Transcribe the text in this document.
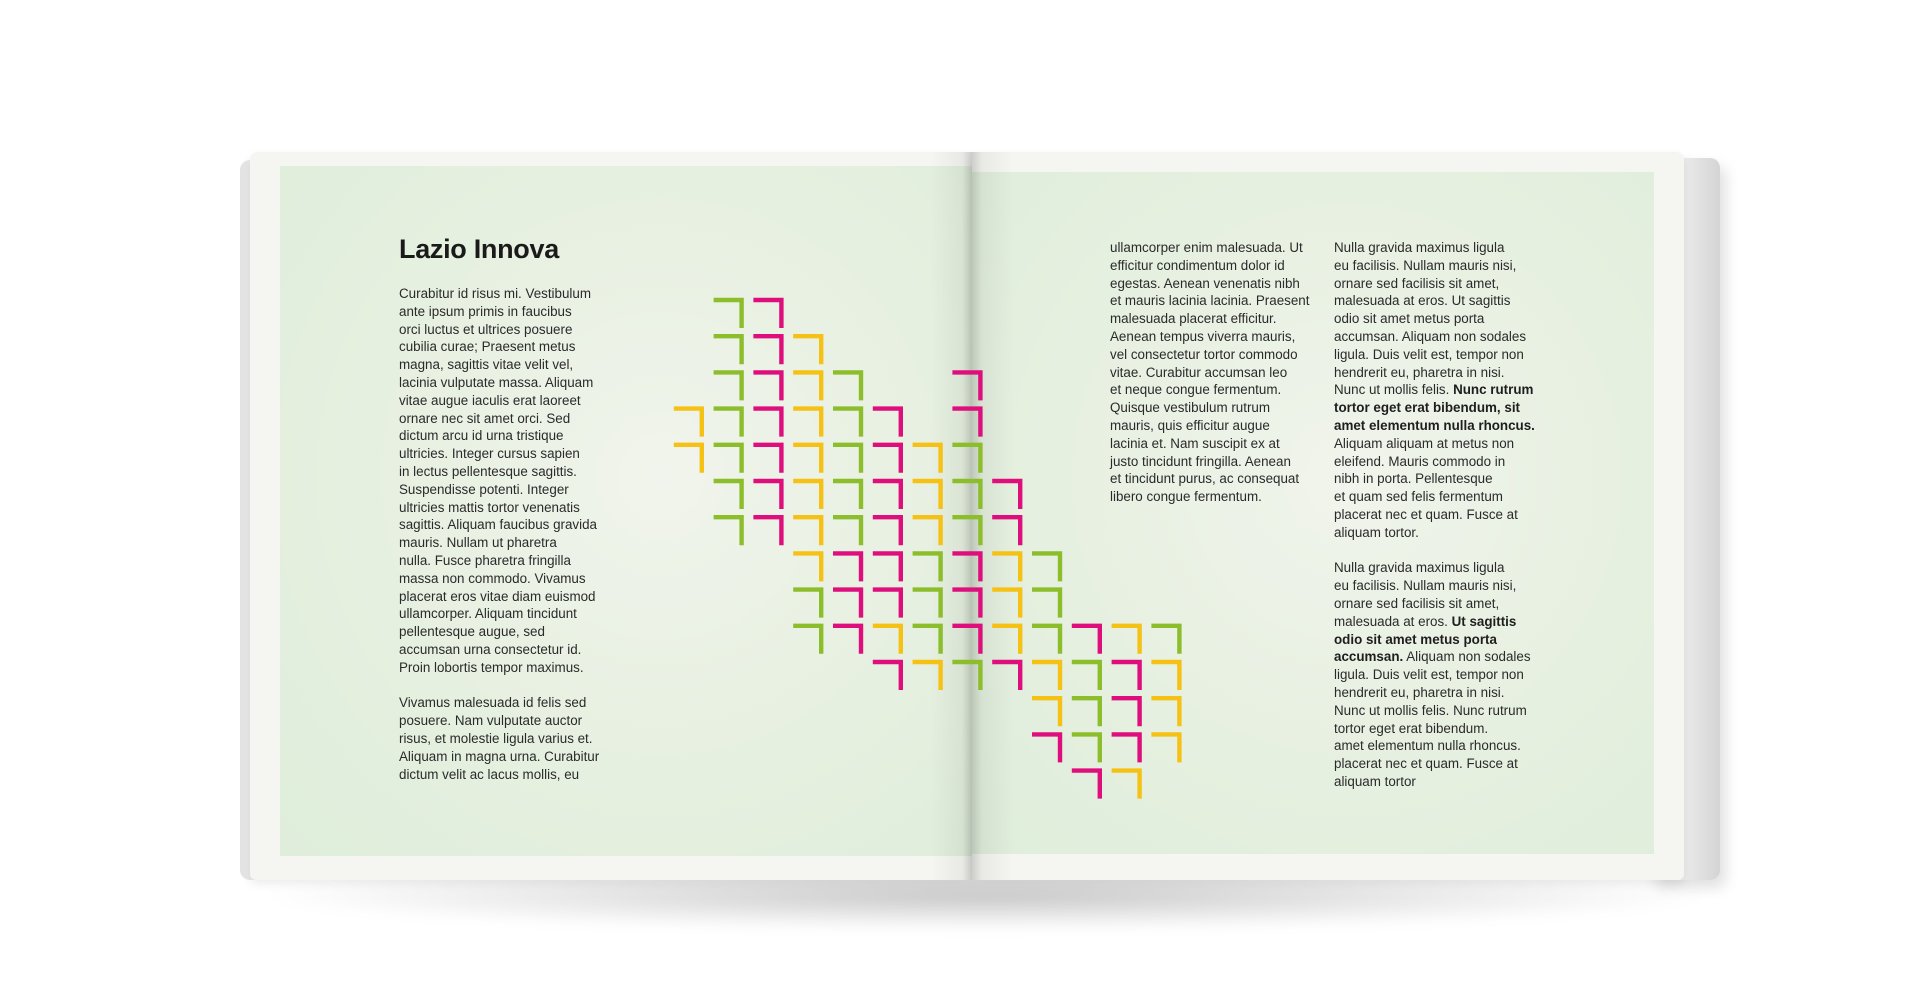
Lazio Innova

Curabitur id risus mi. Vestibulum
ante ipsum primis in faucibus
orci luctus et ultrices posuere
cubilia curae; Praesent metus
magna, sagittis vitae velit vel,
lacinia vulputate massa. Aliquam
vitae augue iaculis erat laoreet
ornare nec sit amet orci. Sed
dictum arcu id urna tristique
ultricies. Integer cursus sapien
in lectus pellentesque sagittis.
Suspendisse potenti. Integer
ultricies mattis tortor venenatis
sagittis. Aliquam faucibus gravida
mauris. Nullam ut pharetra
nulla. Fusce pharetra fringilla
massa non commodo. Vivamus
placerat eros vitae diam euismod
ullamcorper. Aliquam tincidunt
pellentesque augue, sed
accumsan urna consectetur id.
Proin lobortis tempor maximus.

Vivamus malesuada id felis sed
posuere. Nam vulputate auctor
risus, et molestie ligula varius et.
Aliquam in magna urna. Curabitur
dictum velit ac lacus mollis, eu

ullamcorper enim malesuada. Ut
efficitur condimentum dolor id
egestas. Aenean venenatis nibh
et mauris lacinia lacinia. Praesent
malesuada placerat efficitur.
Aenean tempus viverra mauris,
vel consectetur tortor commodo
vitae. Curabitur accumsan leo
et neque congue fermentum.
Quisque vestibulum rutrum
mauris, quis efficitur augue
lacinia et. Nam suscipit ex at
justo tincidunt fringilla. Aenean
et tincidunt purus, ac consequat
libero congue fermentum.

Nulla gravida maximus ligula
eu facilisis. Nullam mauris nisi,
ornare sed facilisis sit amet,
malesuada at eros. Ut sagittis
odio sit amet metus porta
accumsan. Aliquam non sodales
ligula. Duis velit est, tempor non
hendrerit eu, pharetra in nisi.
Nunc ut mollis felis. Nunc rutrum
tortor eget erat bibendum, sit
amet elementum nulla rhoncus.
Aliquam aliquam at metus non
eleifend. Mauris commodo in
nibh in porta. Pellentesque
et quam sed felis fermentum
placerat nec et quam. Fusce at
aliquam tortor.

Nulla gravida maximus ligula
eu facilisis. Nullam mauris nisi,
ornare sed facilisis sit amet,
malesuada at eros. Ut sagittis
odio sit amet metus porta
accumsan. Aliquam non sodales
ligula. Duis velit est, tempor non
hendrerit eu, pharetra in nisi.
Nunc ut mollis felis. Nunc rutrum
tortor eget erat bibendum.
amet elementum nulla rhoncus.
placerat nec et quam. Fusce at
aliquam tortor
